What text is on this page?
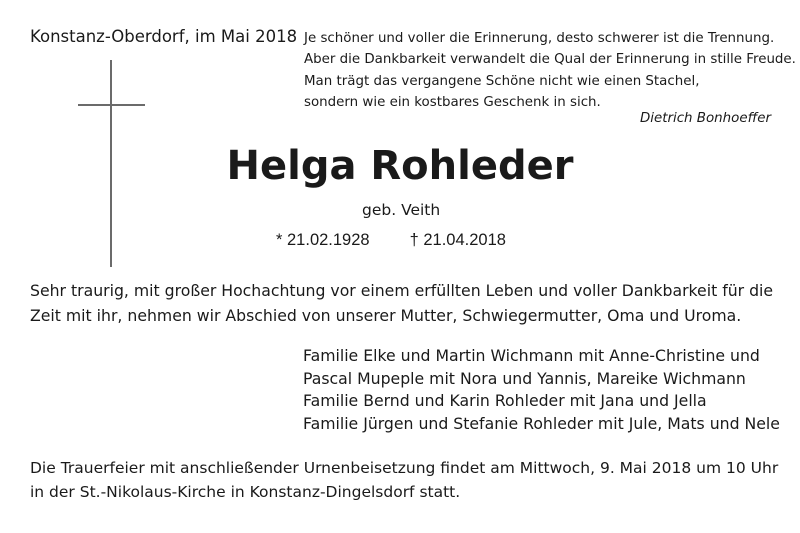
Konstanz-Oberdorf, im Mai 2018 Je schöner und voller die Erinnerung, desto schwerer ist die Trennung.
Aber die Dankbarkeit verwandelt die Qual der Erinnerung in stille Freude.
Man trägt das vergangene Schöne nicht wie einen Stachel,
sondern wie ein kostbares Geschenk in sich.
Dietrich Bonhoeffer
Helga Rohleder
geb. Veith
* 21.02.1928 † 21.04.2018
Sehr traurig, mit großer Hochachtung vor einem erfüllten Leben und voller Dankbarkeit für die
Zeit mit ihr, nehmen wir Abschied von unserer Mutter, Schwiegermutter, Oma und Uroma.
Familie Elke und Martin Wichmann mit Anne-Christine und
Pascal Mupeple mit Nora und Yannis, Mareike Wichmann
Familie Bernd und Karin Rohleder mit Jana und Jella
Familie Jürgen und Stefanie Rohleder mit Jule, Mats und Nele
Die Trauerfeier mit anschließender Urnenbeisetzung findet am Mittwoch, 9. Mai 2018 um 10 Uhr
in der St.-Nikolaus-Kirche in Konstanz-Dingelsdorf statt.
